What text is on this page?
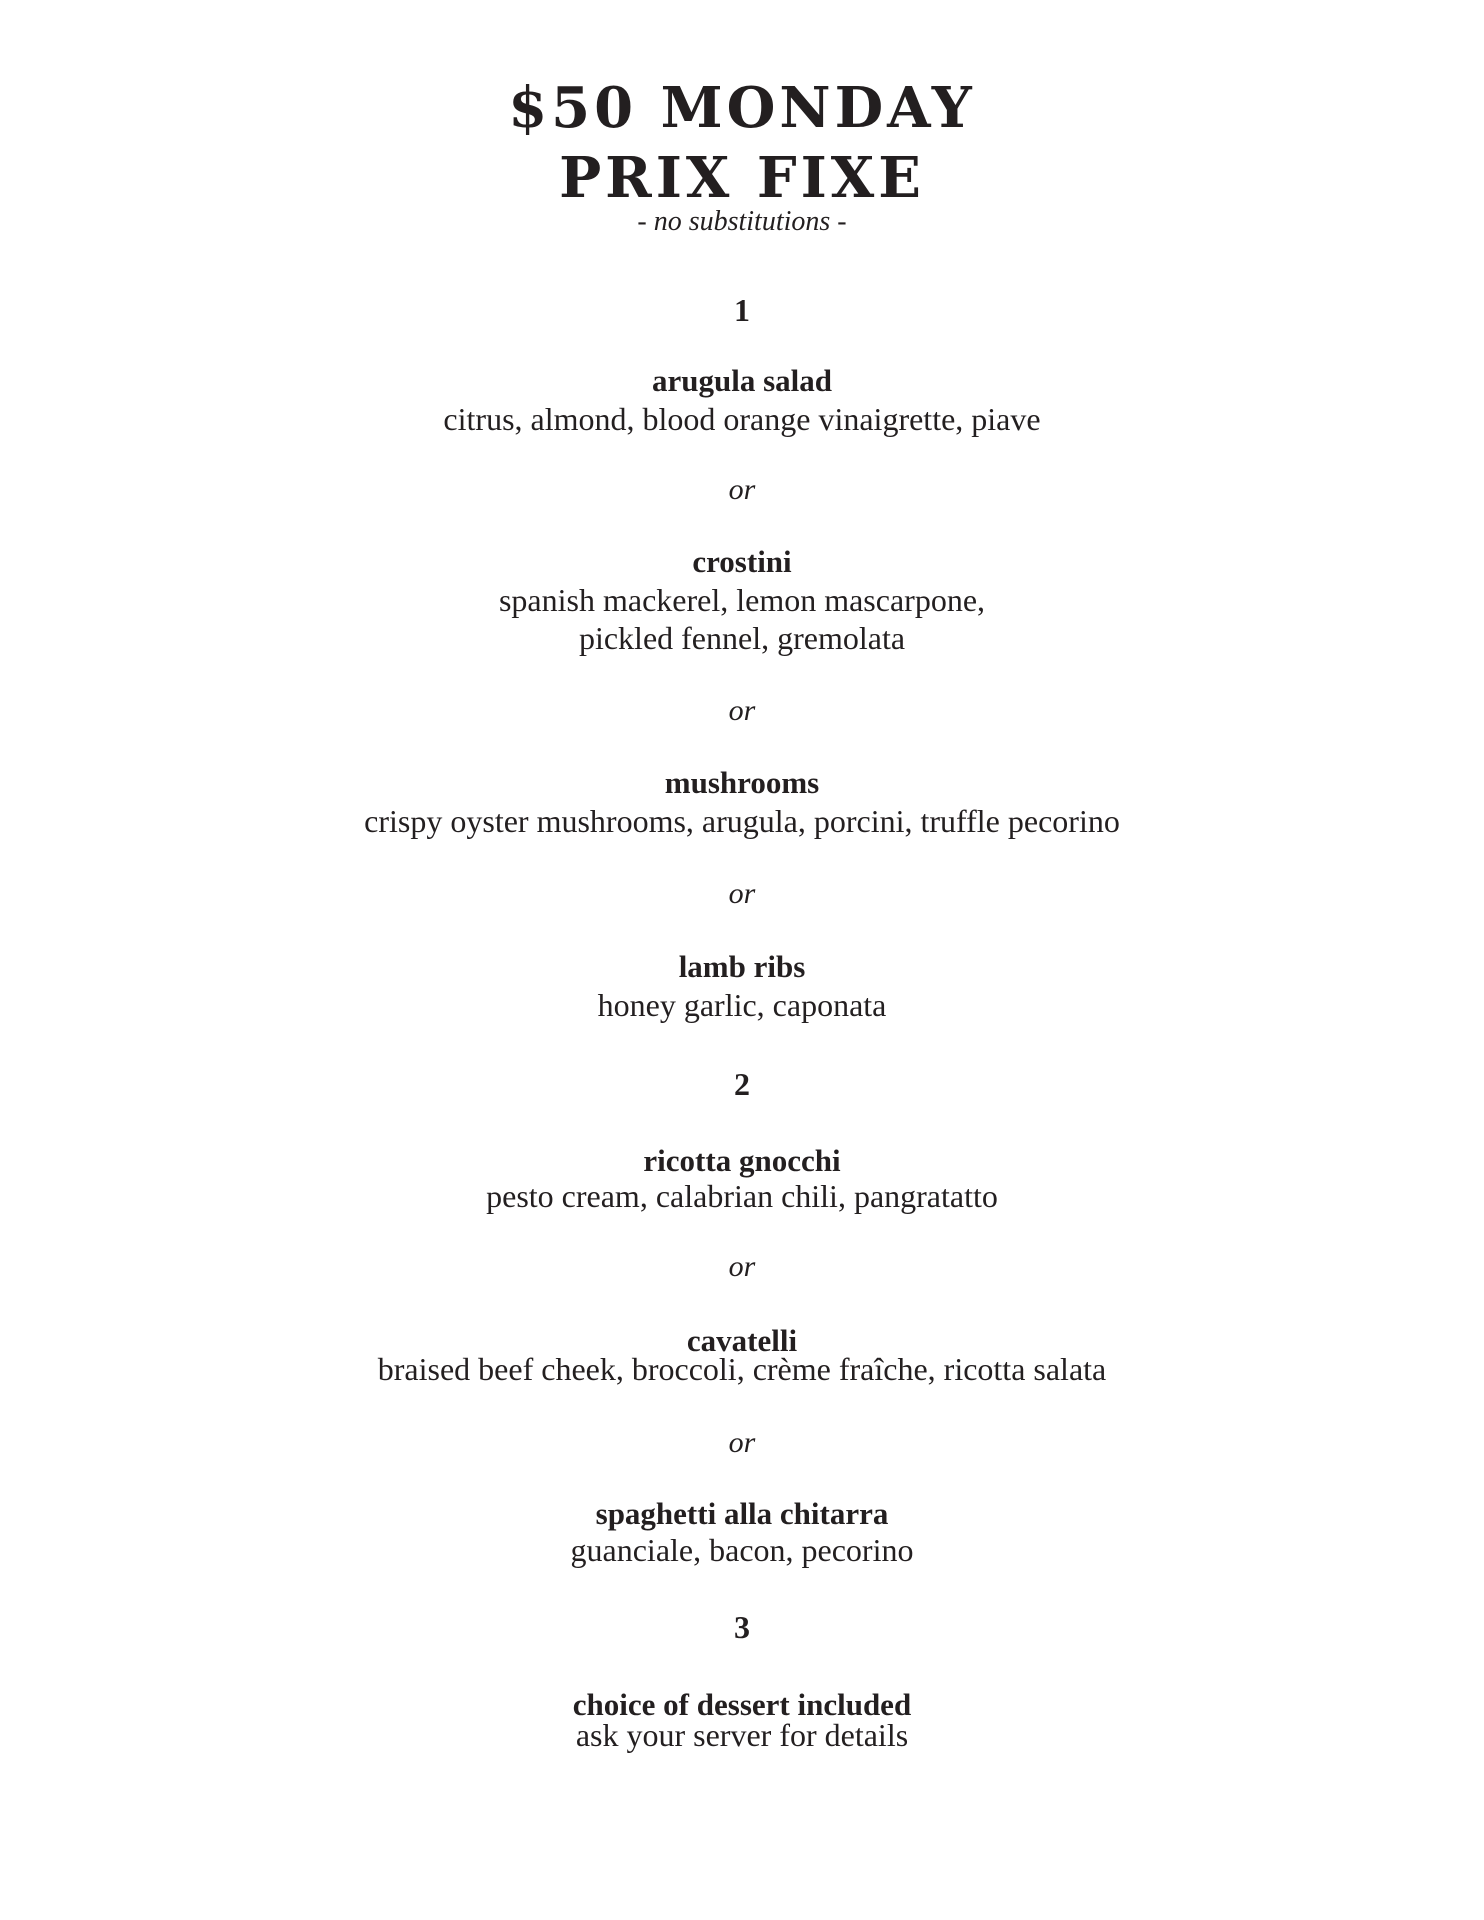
$50 MONDAY
PRIX FIXE
- no substitutions -
1
arugula salad
citrus, almond, blood orange vinaigrette, piave
or
crostini
spanish mackerel, lemon mascarpone,
pickled fennel, gremolata
or
mushrooms
crispy oyster mushrooms, arugula, porcini, truffle pecorino
or
lamb ribs
honey garlic, caponata
2
ricotta gnocchi
pesto cream, calabrian chili, pangratatto
or
cavatelli
braised beef cheek, broccoli, crème fraîche, ricotta salata
or
spaghetti alla chitarra
guanciale, bacon, pecorino
3
choice of dessert included
ask your server for details
